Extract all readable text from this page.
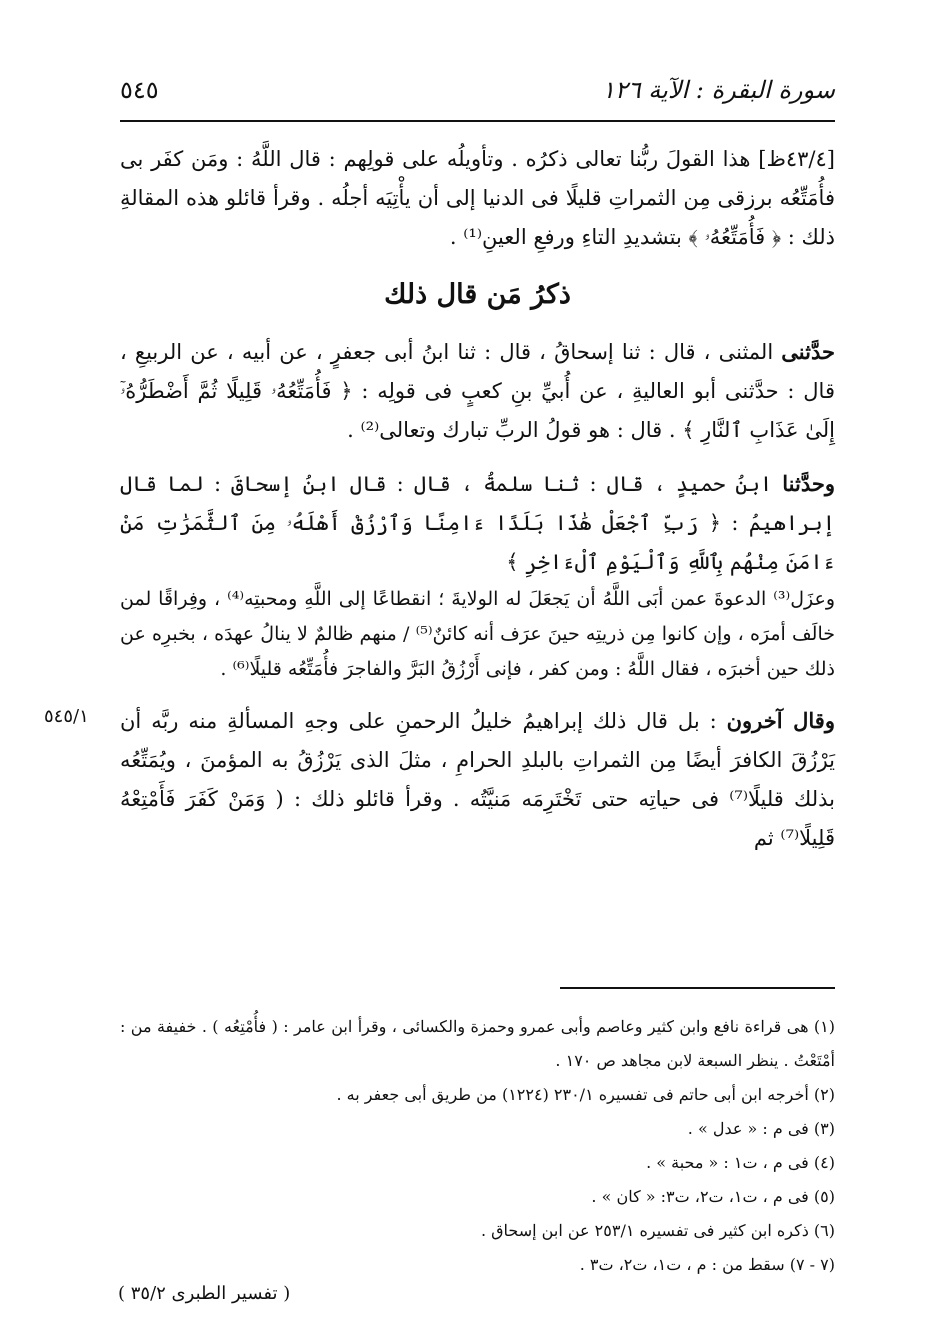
سورة البقرة : الآية ١٢٦
٥٤٥

[٤٣/٤ظ] هذا القولَ ربُّنا تعالى ذكرُه . وتأويلُه على قولِهم : قال اللَّهُ : ومَن كفَر بى فأُمَتِّعُه برزقى مِن الثمراتِ قليلًا فى الدنيا إلى أن يأْتِيَه أجلُه . وقرأ قائلو هذه المقالةِ ذلك : ﴿ فَأُمَتِّعُهُۥ ﴾ بتشديدِ التاءِ ورفعِ العينِ⁽¹⁾ .

ذكرُ مَن قال ذلك

حدَّثنى المثنى ، قال : ثنا إسحاقُ ، قال : ثنا ابنُ أبى جعفرٍ ، عن أبيه ، عن الربيعِ ، قال : حدَّثنى أبو العاليةِ ، عن أُبيِّ بنِ كعبٍ فى قولِه : ﴿ فَأُمَتِّعُهُۥ قَلِيلًا ثُمَّ أَضْطَرُّهُۥٓ إِلَىٰ عَذَابِ ٱلنَّارِ ﴾ . قال : هو قولُ الربِّ تبارك وتعالى⁽²⁾ .

وحدَّثنا ابنُ حميدٍ ، قال : ثنا سلمةُ ، قال : قال ابنُ إسحاقَ : لما قال إبراهيمُ : ﴿ رَبِّ ٱجْعَلْ هَٰذَا بَلَدًا ءَامِنًا وَٱرْزُقْ أَهْلَهُۥ مِنَ ٱلثَّمَرَٰتِ مَنْ ءَامَنَ مِنْهُم بِٱللَّهِ وَٱلْيَوْمِ ٱلْءَاخِرِ ﴾

وعزَل⁽³⁾ الدعوةَ عمن أبَى اللَّهُ أن يَجعَلَ له الولايةَ ؛ انقطاعًا إلى اللَّهِ ومحبتِه⁽⁴⁾ ، وفِراقًا لمن خالَف أمرَه ، وإن كانوا مِن ذريتِه حينَ عرَف أنه كائنٌ⁽⁵⁾ / منهم ظالمٌ لا ينالُ عهدَه ، بخبرِه عن ذلك حين أخبرَه ، فقال اللَّهُ : ومن كفر ، فإنى أَرْزُقُ البَرَّ والفاجرَ فأُمَتِّعُه قليلًا⁽⁶⁾ .

وقال آخرون : بل قال ذلك إبراهيمُ خليلُ الرحمنِ على وجهِ المسألةِ منه ربَّه أن يَرْزُقَ الكافرَ أيضًا مِن الثمراتِ بالبلدِ الحرامِ ، مثلَ الذى يَرْزُقُ به المؤمنَ ، ويُمَتِّعُه بذلك قليلًا⁽⁷⁾ فى حياتِه حتى تَخْتَرِمَه مَنيَّتُه . وقرأ قائلو ذلك : ( وَمَنْ كَفَرَ فَأَمْتِعْهُ قَلِيلًا⁽⁷⁾ ثم

٥٤٥/١

(١) هى قراءة نافع وابن كثير وعاصم وأبى عمرو وحمزة والكسائى ، وقرأ ابن عامر : ( فأُمْتِعُه ) . خفيفة من : أمْتَعْتُ . ينظر السبعة لابن مجاهد ص ١٧٠ .

(٢) أخرجه ابن أبى حاتم فى تفسيره ٢٣٠/١ (١٢٢٤) من طريق أبى جعفر به .

(٣) فى م : « عدل » .

(٤) فى م ، ت١ : « محبة » .

(٥) فى م ، ت١، ت٢، ت٣: « كان » .

(٦) ذكره ابن كثير فى تفسيره ٢٥٣/١ عن ابن إسحاق .

(٧ - ٧) سقط من : م ، ت١، ت٢، ت٣ .

( تفسير الطبرى ٣٥/٢ )
